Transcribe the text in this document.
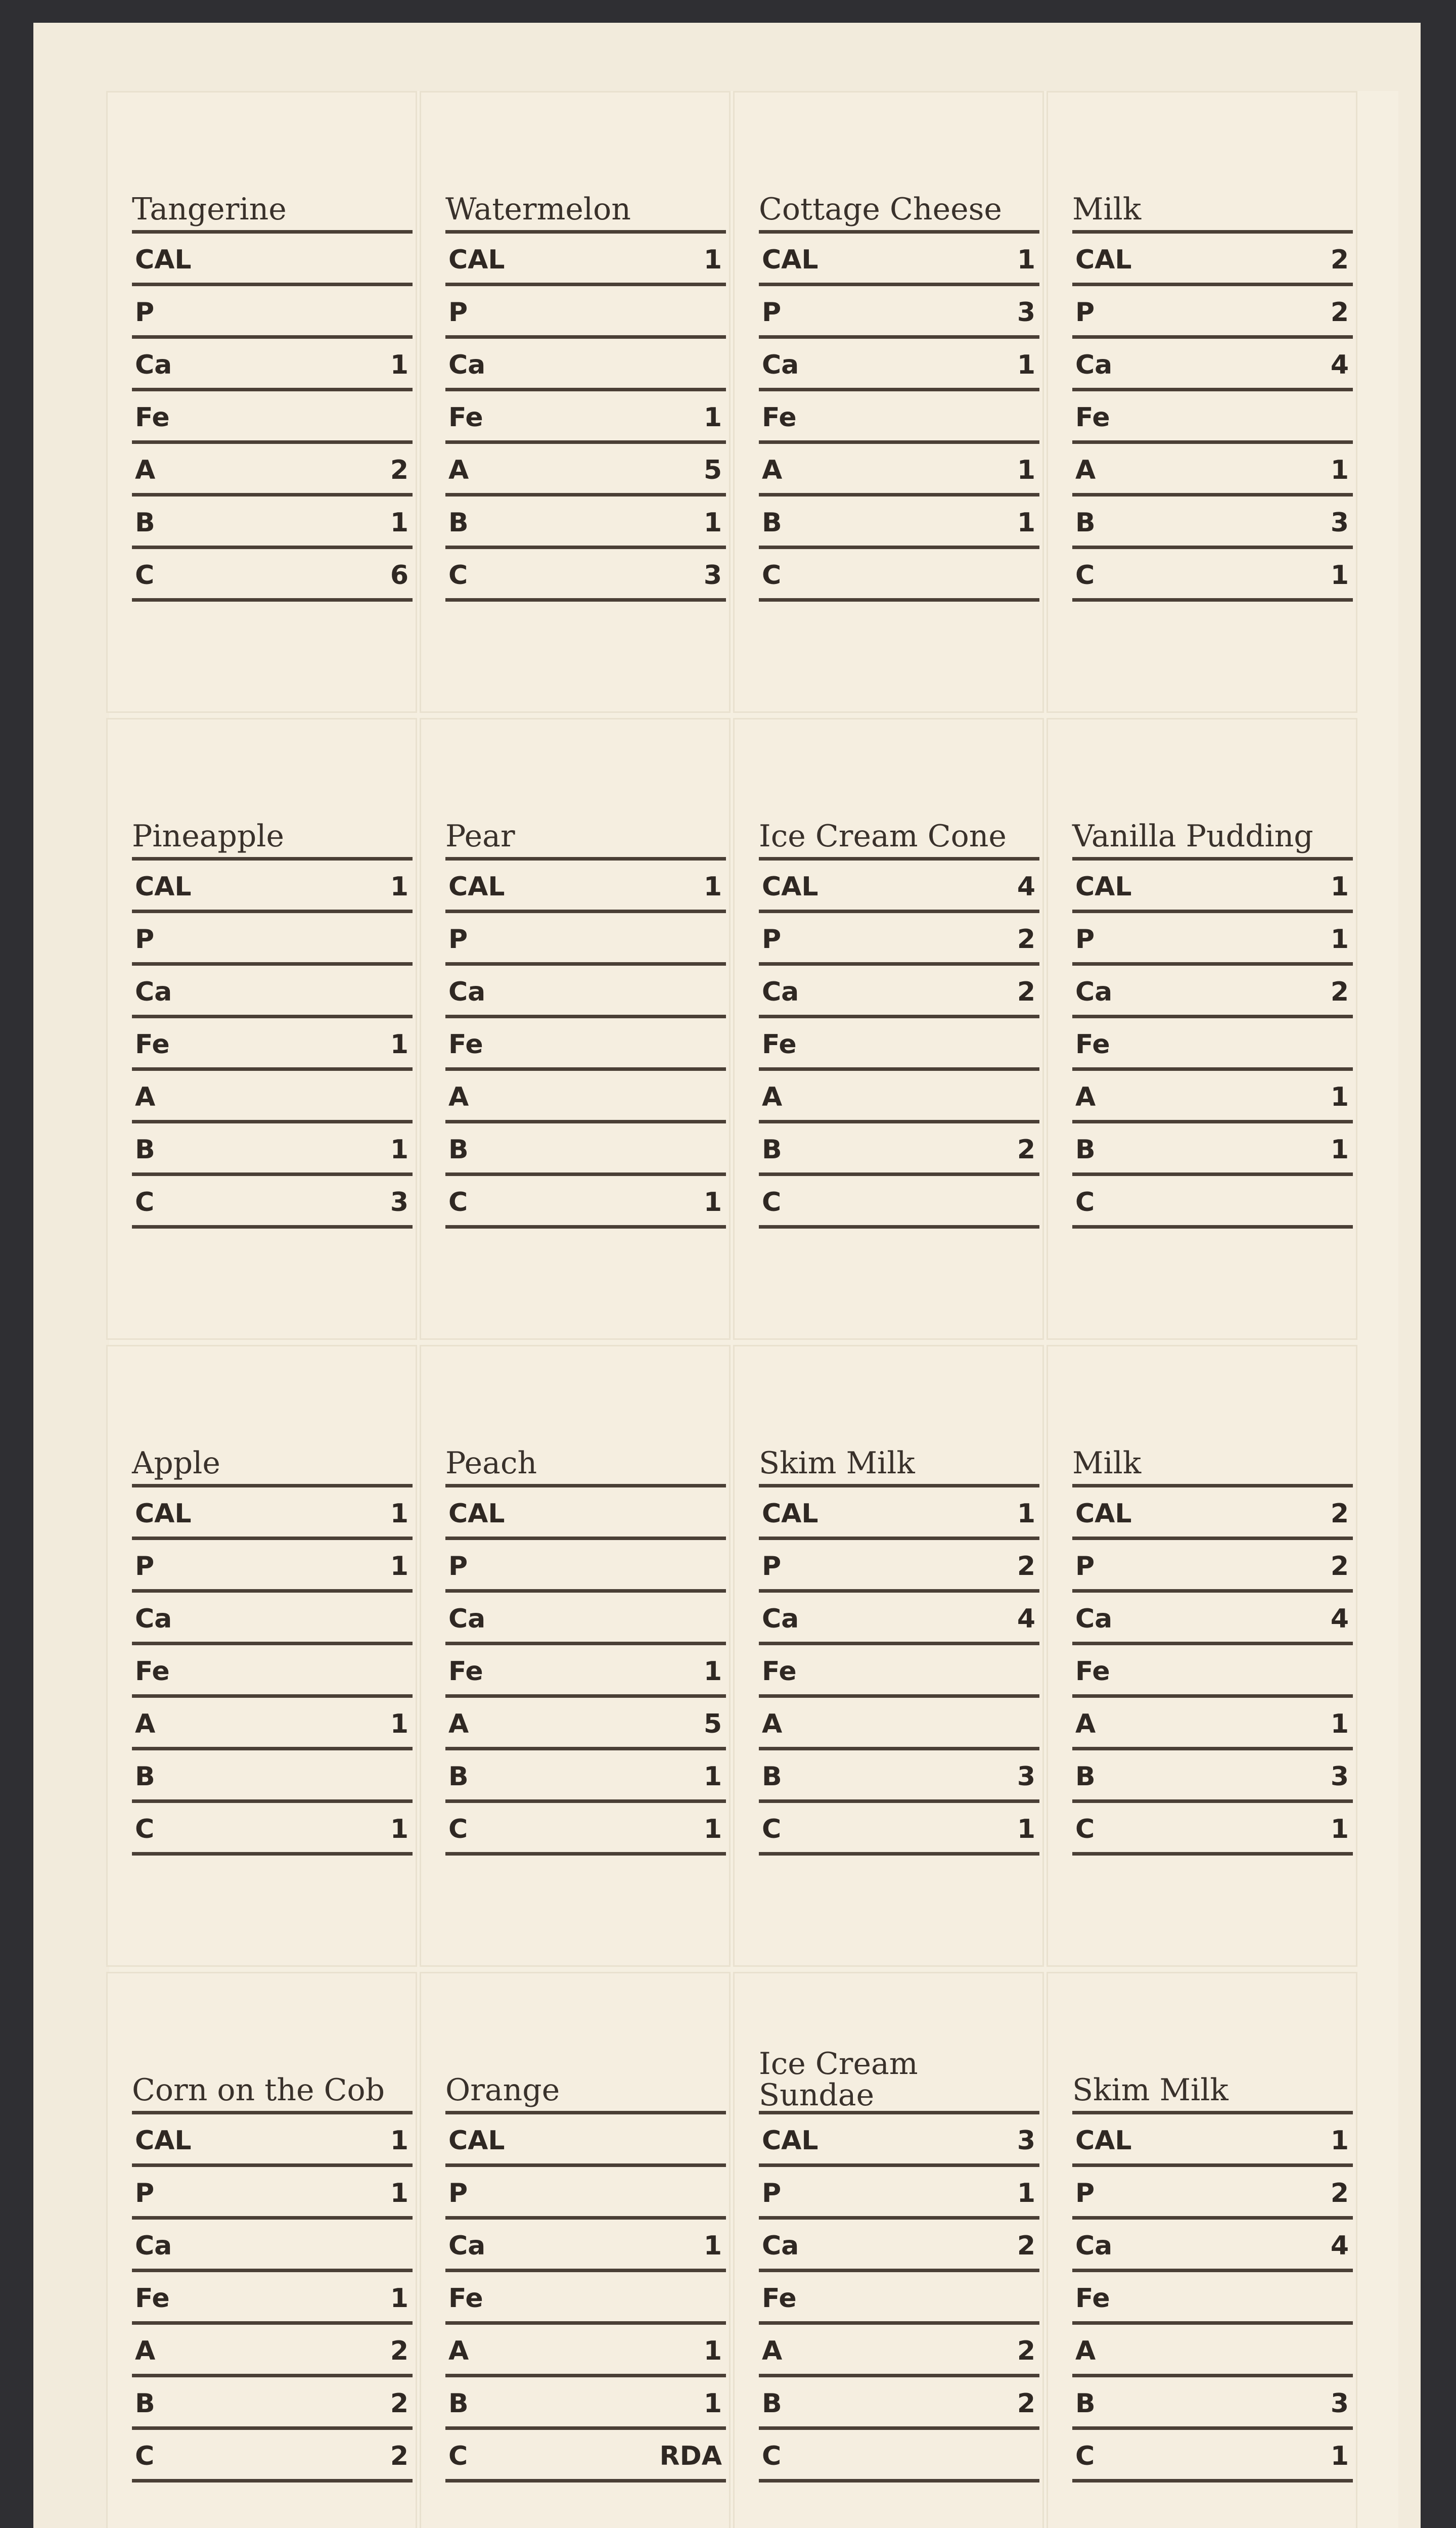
Tangerine
CAL
P
Ca	1
Fe
A	2
B	1
C	6
Watermelon
CAL	1
P
Ca
Fe	1
A	5
B	1
C	3
Cottage Cheese
CAL	1
P	3
Ca	1
Fe
A	1
B	1
C
Milk
CAL	2
P	2
Ca	4
Fe
A	1
B	3
C	1
Pineapple
CAL	1
P
Ca
Fe	1
A
B	1
C	3
Pear
CAL	1
P
Ca
Fe
A
B
C	1
Ice Cream Cone
CAL	4
P	2
Ca	2
Fe
A
B	2
C
Vanilla Pudding
CAL	1
P	1
Ca	2
Fe
A	1
B	1
C
Apple
CAL	1
P	1
Ca
Fe
A	1
B
C	1
Peach
CAL
P
Ca
Fe	1
A	5
B	1
C	1
Skim Milk
CAL	1
P	2
Ca	4
Fe
A
B	3
C	1
Milk
CAL	2
P	2
Ca	4
Fe
A	1
B	3
C	1
Corn on the Cob
CAL	1
P	1
Ca
Fe	1
A	2
B	2
C	2
Orange
CAL
P
Ca	1
Fe
A	1
B	1
C	RDA
Ice Cream Sundae
CAL	3
P	1
Ca	2
Fe
A	2
B	2
C
Skim Milk
CAL	1
P	2
Ca	4
Fe
A
B	3
C	1
